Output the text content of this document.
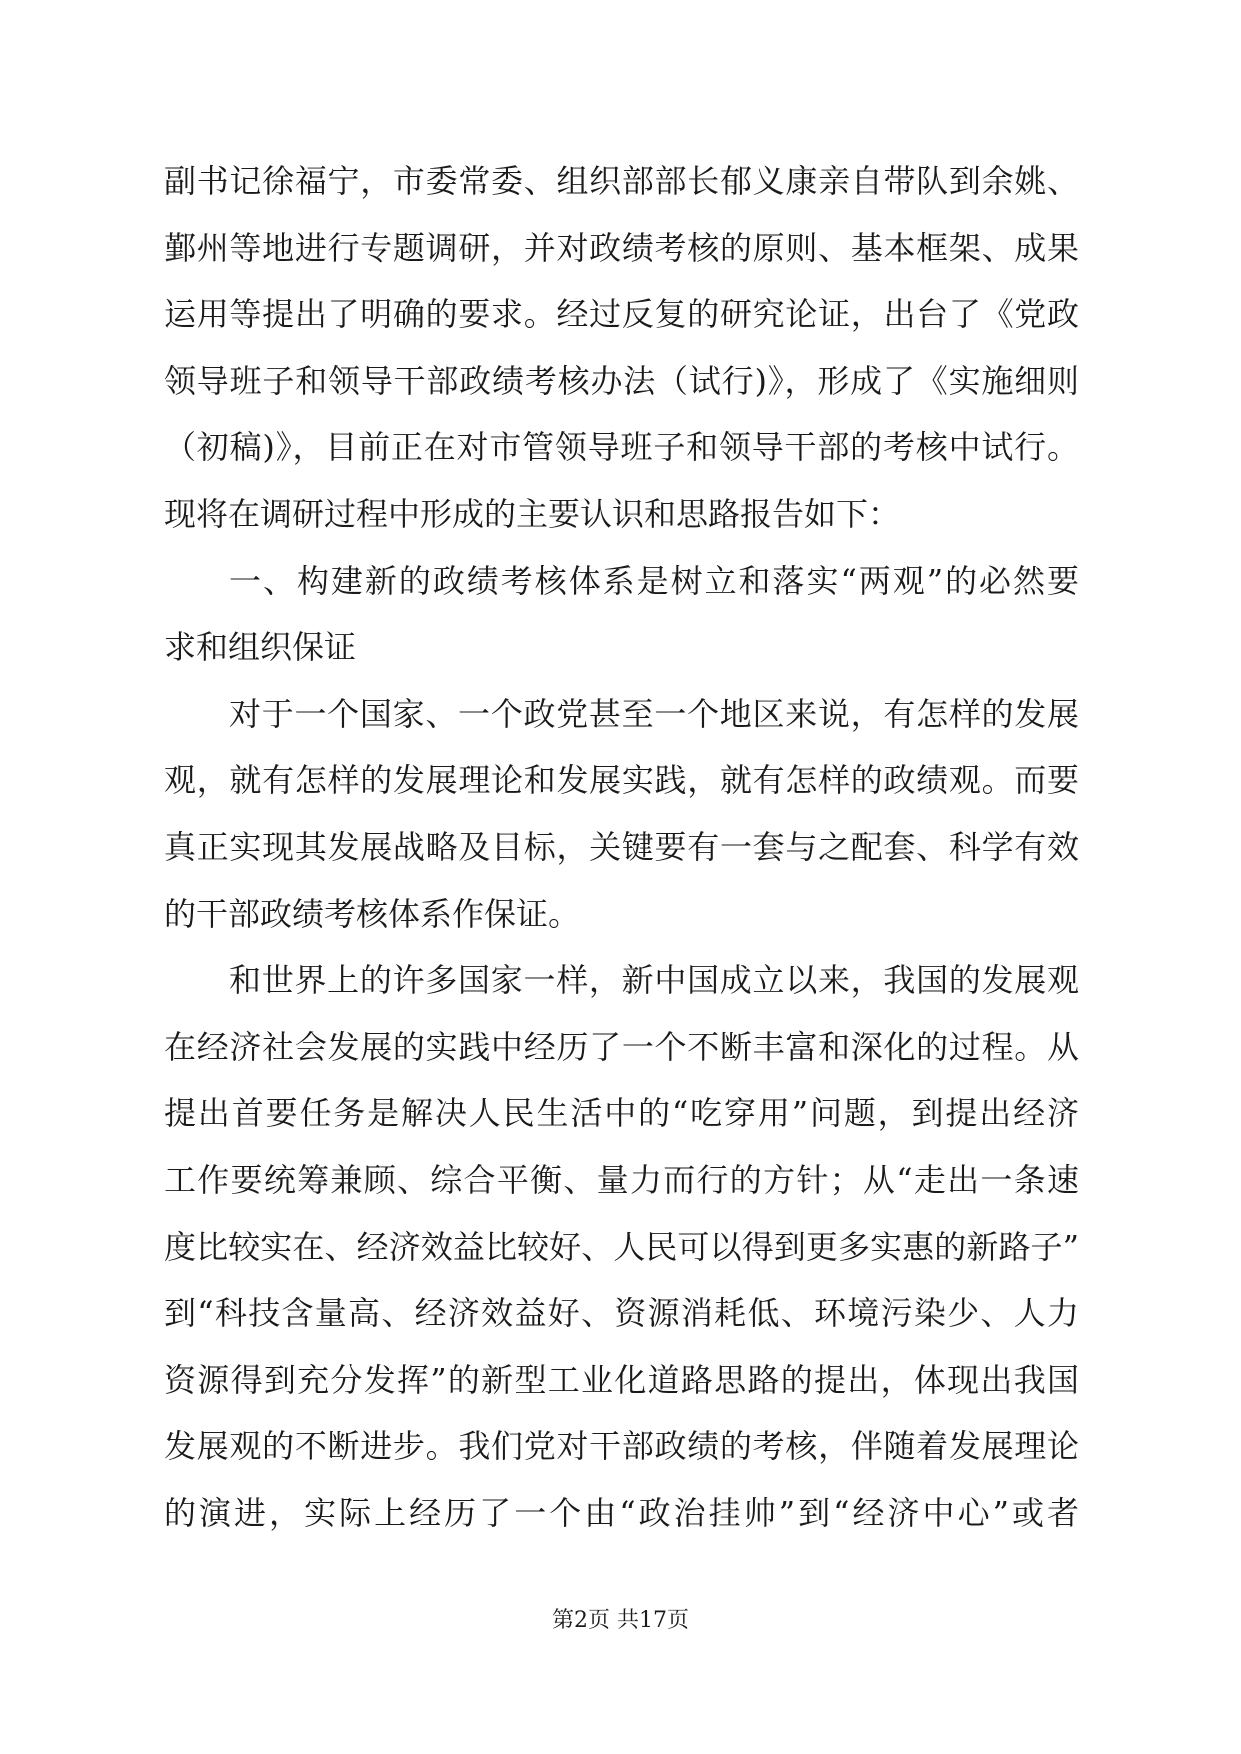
副书记徐福宁，市委常委、组织部部长郁义康亲自带队到余姚、
鄞州等地进行专题调研，并对政绩考核的原则、基本框架、成果
运用等提出了明确的要求。经过反复的研究论证，出台了《党政
领导班子和领导干部政绩考核办法（试行)》，形成了《实施细则
（初稿)》，目前正在对市管领导班子和领导干部的考核中试行。
现将在调研过程中形成的主要认识和思路报告如下：
一、构建新的政绩考核体系是树立和落实“两观”的必然要
求和组织保证
对于一个国家、一个政党甚至一个地区来说，有怎样的发展
观，就有怎样的发展理论和发展实践，就有怎样的政绩观。而要
真正实现其发展战略及目标，关键要有一套与之配套、科学有效
的干部政绩考核体系作保证。
和世界上的许多国家一样，新中国成立以来，我国的发展观
在经济社会发展的实践中经历了一个不断丰富和深化的过程。从
提出首要任务是解决人民生活中的“吃穿用”问题，到提出经济
工作要统筹兼顾、综合平衡、量力而行的方针；从“走出一条速
度比较实在、经济效益比较好、人民可以得到更多实惠的新路子”
到“科技含量高、经济效益好、资源消耗低、环境污染少、人力
资源得到充分发挥”的新型工业化道路思路的提出，体现出我国
发展观的不断进步。我们党对干部政绩的考核，伴随着发展理论
的演进，实际上经历了一个由“政治挂帅”到“经济中心”或者
第2页 共17页
